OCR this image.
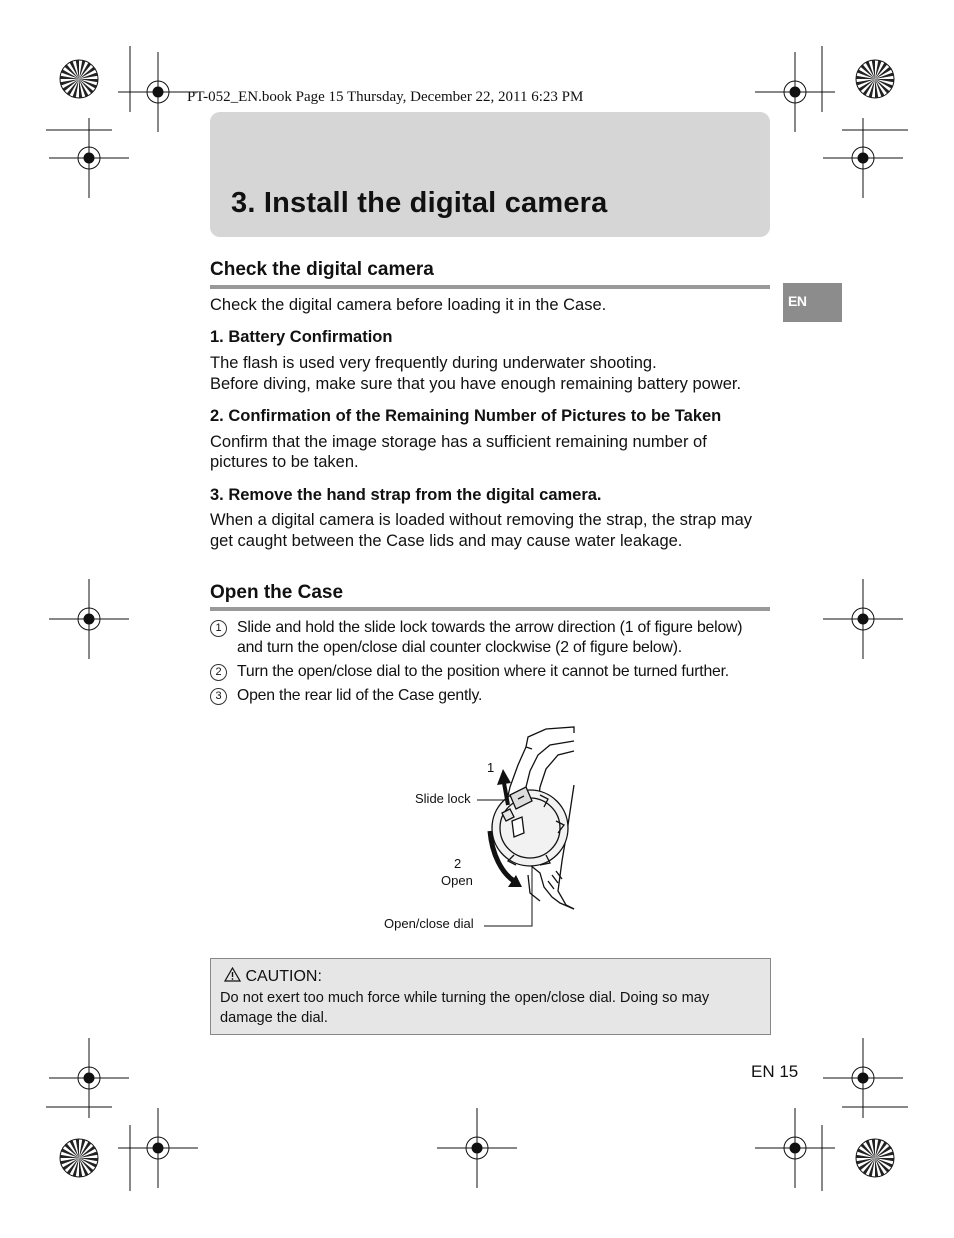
PT-052_EN.book Page 15 Thursday, December 22, 2011 6:23 PM
3. Install the digital camera
EN
Check the digital camera
Check the digital camera before loading it in the Case.
1. Battery Confirmation
The flash is used very frequently during underwater shooting.
Before diving, make sure that you have enough remaining battery power.
2. Confirmation of the Remaining Number of Pictures to be Taken
Confirm that the image storage has a sufficient remaining number of
pictures to be taken.
3. Remove the hand strap from the digital camera.
When a digital camera is loaded without removing the strap, the strap may
get caught between the Case lids and may cause water leakage.
Open the Case
1 Slide and hold the slide lock towards the arrow direction (1 of figure below)
and turn the open/close dial counter clockwise (2 of figure below).
2 Turn the open/close dial to the position where it cannot be turned further.
3 Open the rear lid of the Case gently.
1
Slide lock
2
Open
Open/close dial
CAUTION:
Do not exert too much force while turning the open/close dial. Doing so may
damage the dial.
EN 15
